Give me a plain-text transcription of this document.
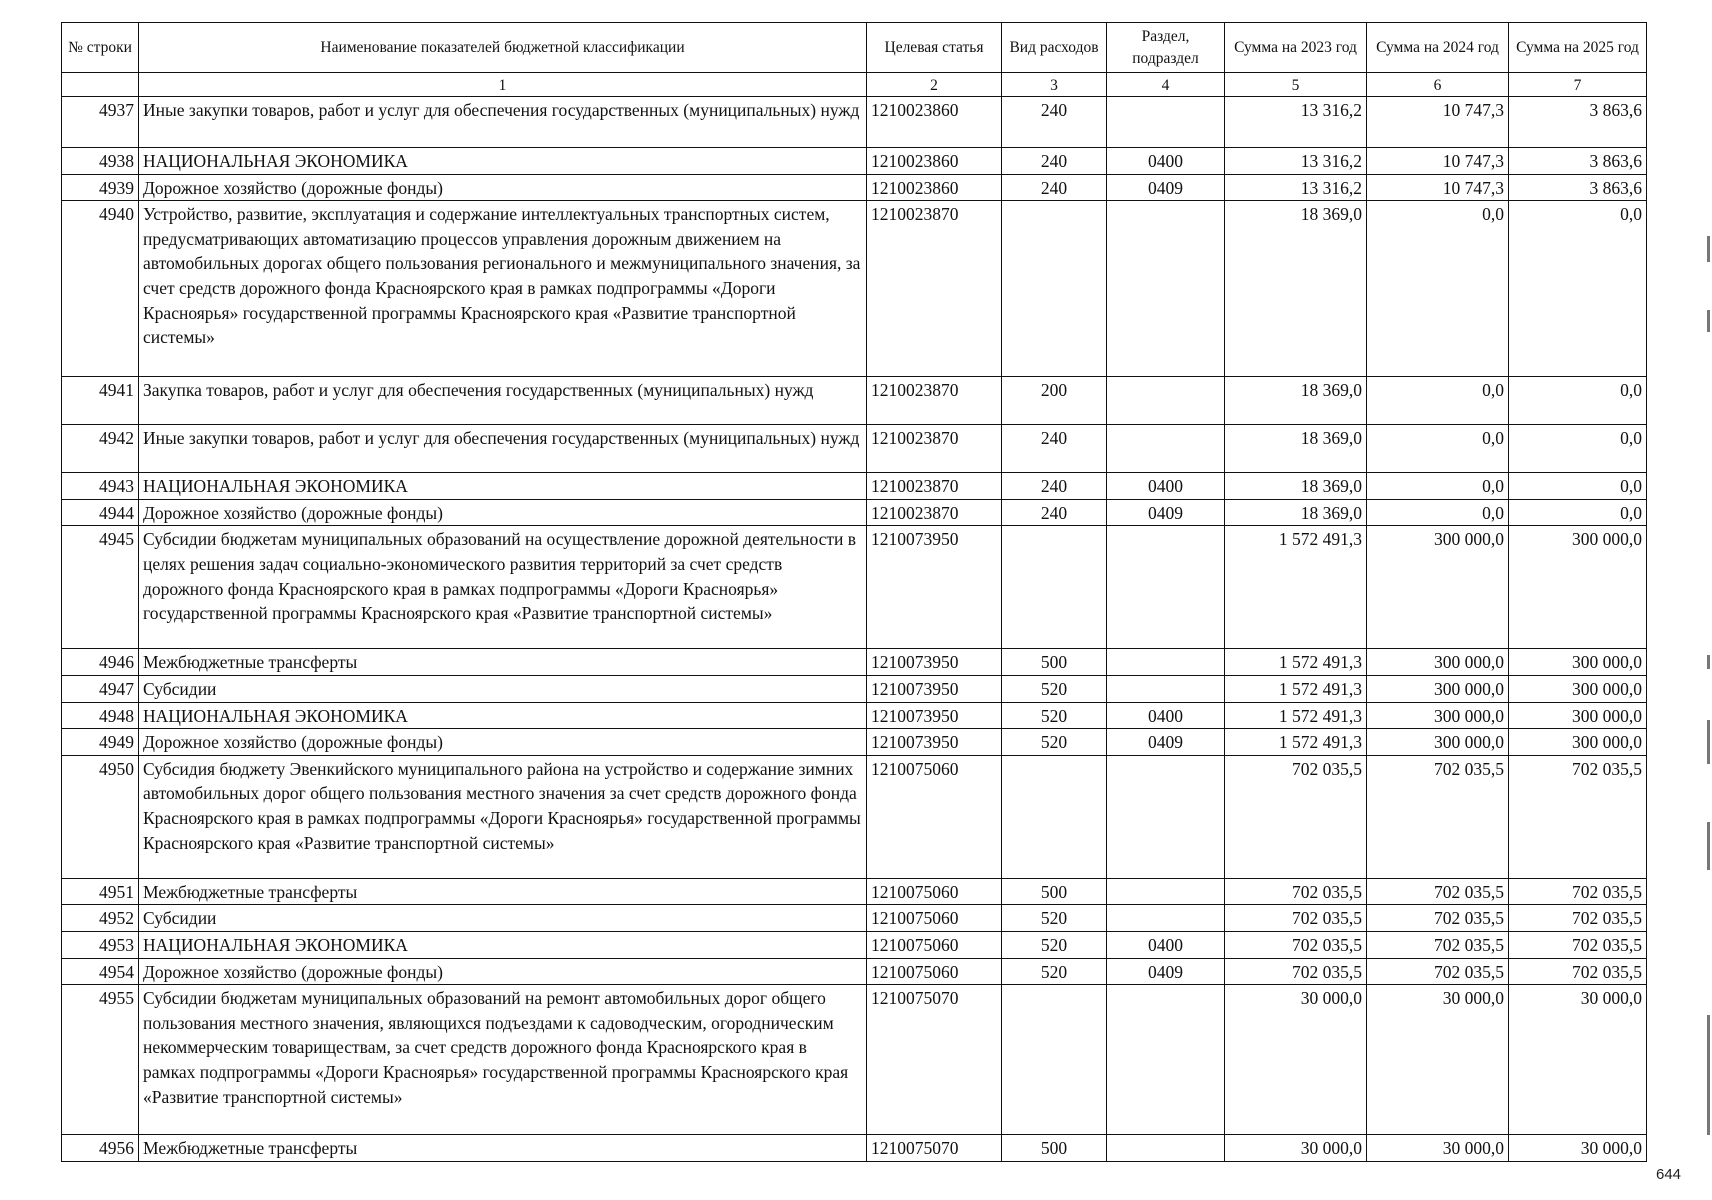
№ строки	Наименование показателей бюджетной классификации	Целевая статья	Вид расходов	Раздел, подраздел	Сумма на 2023 год	Сумма на 2024 год	Сумма на 2025 год
	1	2	3	4	5	6	7
4937	Иные закупки товаров, работ и услуг для обеспечения государственных (муниципальных) нужд	1210023860	240		13 316,2	10 747,3	3 863,6
4938	НАЦИОНАЛЬНАЯ ЭКОНОМИКА	1210023860	240	0400	13 316,2	10 747,3	3 863,6
4939	Дорожное хозяйство (дорожные фонды)	1210023860	240	0409	13 316,2	10 747,3	3 863,6
4940	Устройство, развитие, эксплуатация и содержание интеллектуальных транспортных систем, предусматривающих автоматизацию процессов управления дорожным движением на автомобильных дорогах общего пользования регионального и межмуниципального значения, за счет средств дорожного фонда Красноярского края в рамках подпрограммы «Дороги Красноярья» государственной программы Красноярского края «Развитие транспортной системы»	1210023870			18 369,0	0,0	0,0
4941	Закупка товаров, работ и услуг для обеспечения государственных (муниципальных) нужд	1210023870	200		18 369,0	0,0	0,0
4942	Иные закупки товаров, работ и услуг для обеспечения государственных (муниципальных) нужд	1210023870	240		18 369,0	0,0	0,0
4943	НАЦИОНАЛЬНАЯ ЭКОНОМИКА	1210023870	240	0400	18 369,0	0,0	0,0
4944	Дорожное хозяйство (дорожные фонды)	1210023870	240	0409	18 369,0	0,0	0,0
4945	Субсидии бюджетам муниципальных образований на осуществление дорожной деятельности в целях решения задач социально-экономического развития территорий за счет средств дорожного фонда Красноярского края в рамках подпрограммы «Дороги Красноярья» государственной программы Красноярского края «Развитие транспортной системы»	1210073950			1 572 491,3	300 000,0	300 000,0
4946	Межбюджетные трансферты	1210073950	500		1 572 491,3	300 000,0	300 000,0
4947	Субсидии	1210073950	520		1 572 491,3	300 000,0	300 000,0
4948	НАЦИОНАЛЬНАЯ ЭКОНОМИКА	1210073950	520	0400	1 572 491,3	300 000,0	300 000,0
4949	Дорожное хозяйство (дорожные фонды)	1210073950	520	0409	1 572 491,3	300 000,0	300 000,0
4950	Субсидия бюджету Эвенкийского муниципального района на устройство и содержание зимних автомобильных дорог общего пользования местного значения за счет средств дорожного фонда Красноярского края в рамках подпрограммы «Дороги Красноярья» государственной программы Красноярского края «Развитие транспортной системы»	1210075060			702 035,5	702 035,5	702 035,5
4951	Межбюджетные трансферты	1210075060	500		702 035,5	702 035,5	702 035,5
4952	Субсидии	1210075060	520		702 035,5	702 035,5	702 035,5
4953	НАЦИОНАЛЬНАЯ ЭКОНОМИКА	1210075060	520	0400	702 035,5	702 035,5	702 035,5
4954	Дорожное хозяйство (дорожные фонды)	1210075060	520	0409	702 035,5	702 035,5	702 035,5
4955	Субсидии бюджетам муниципальных образований на ремонт автомобильных дорог общего пользования местного значения, являющихся подъездами к садоводческим, огородническим некоммерческим товариществам, за счет средств дорожного фонда Красноярского края в рамках подпрограммы «Дороги Красноярья» государственной программы Красноярского края «Развитие транспортной системы»	1210075070			30 000,0	30 000,0	30 000,0
4956	Межбюджетные трансферты	1210075070	500		30 000,0	30 000,0	30 000,0
644
